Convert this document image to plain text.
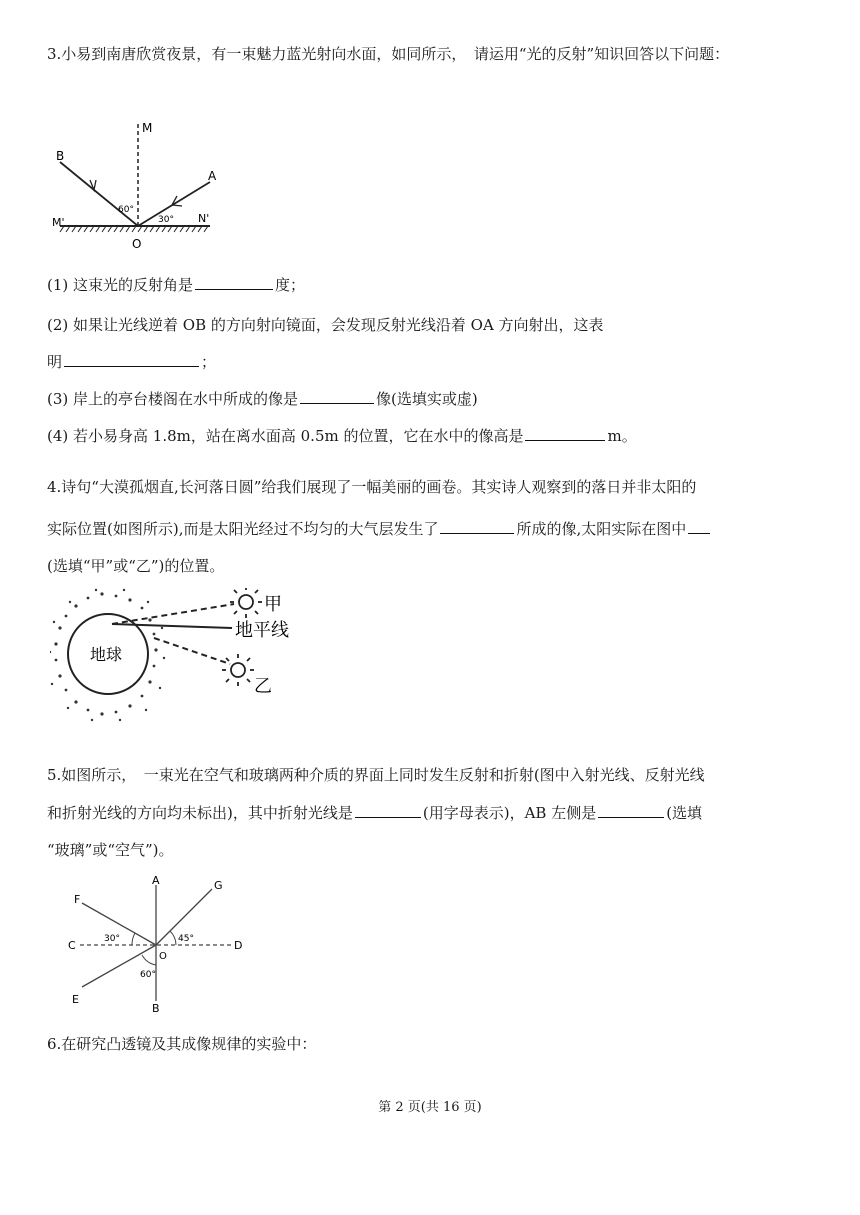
3.小易到南唐欣赏夜景，有一束魅力蓝光射向水面，如同所示，　请运用“光的反射”知识回答以下问题：

M
B
A
M'	N'
O
60°
30°
(1) 这束光的反射角是	度；
(2) 如果让光线逆着 OB 的方向射向镜面，会发现反射光线沿着 OA 方向射出，这表
明	；
(3) 岸上的亭台楼阁在水中所成的像是	像(选填实或虚)
(4) 若小易身高 1.8m，站在离水面高 0.5m 的位置，它在水中的像高是	m。
4.诗句“大漠孤烟直,长河落日圆”给我们展现了一幅美丽的画卷。其实诗人观察到的落日并非太阳的
实际位置(如图所示),而是太阳光经过不均匀的大气层发生了	所成的像,太阳实际在图中
(选填“甲”或“乙”)的位置。
地球
地平线
甲
乙
5.如图所示，　一束光在空气和玻璃两种介质的界面上同时发生反射和折射(图中入射光线、反射光线
和折射光线的方向均未标出)，其中折射光线是	(用字母表示)，AB 左侧是	(选填
“玻璃”或“空气”)。
A
B
C	D
E
F
G
O
30°	45°
60°
6.在研究凸透镜及其成像规律的实验中：
第 2 页(共 16 页)
